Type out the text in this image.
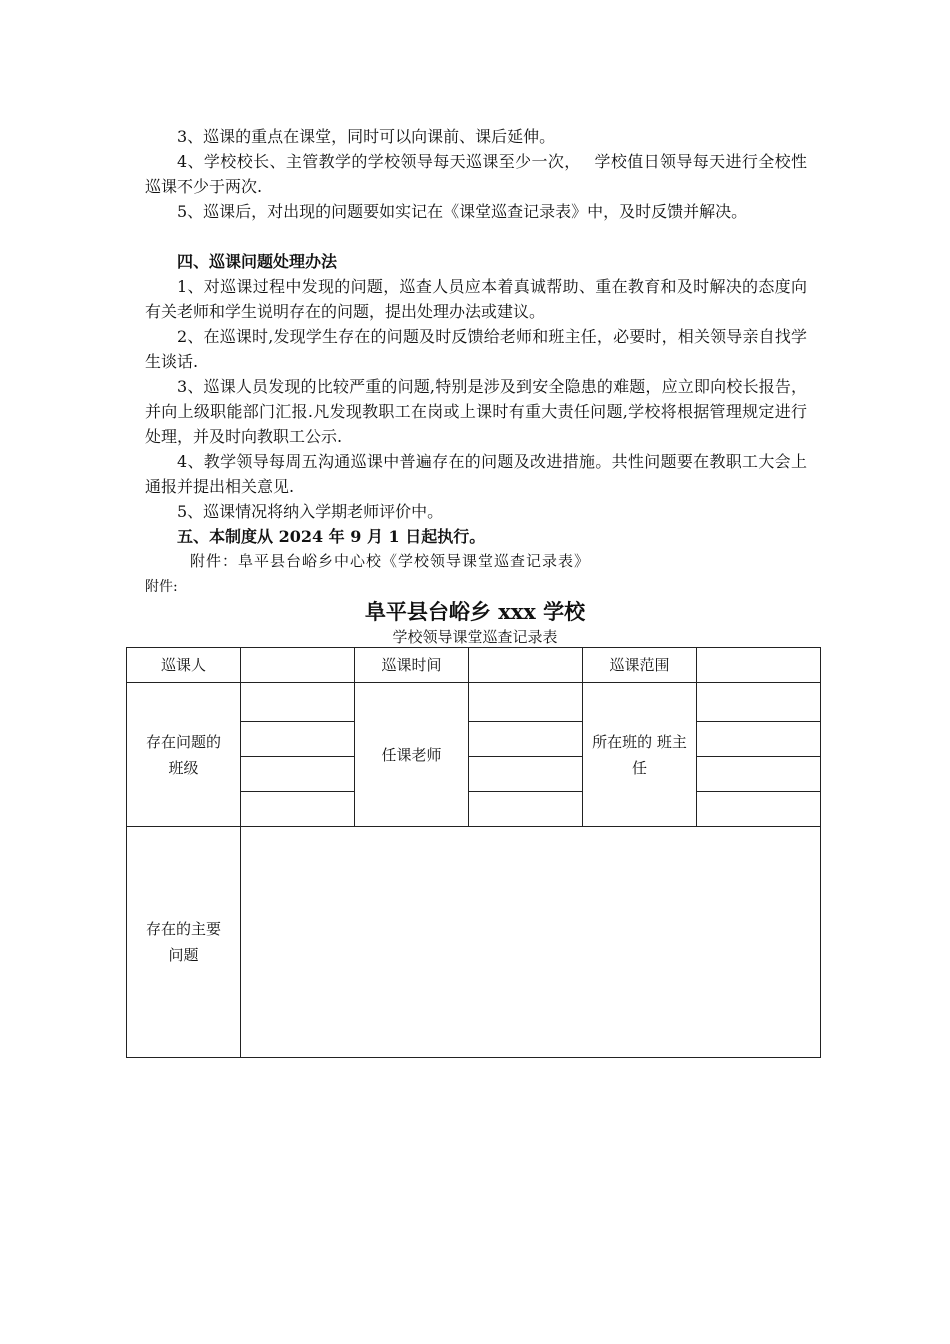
3、巡课的重点在课堂，同时可以向课前、课后延伸。

4、学校校长、主管教学的学校领导每天巡课至少一次，　 学校值日领导每天进行全校性巡课不少于两次.

5、巡课后，对出现的问题要如实记在《课堂巡查记录表》中，及时反馈并解决。

四、巡课问题处理办法

1、对巡课过程中发现的问题，巡查人员应本着真诚帮助、重在教育和及时解决的态度向有关老师和学生说明存在的问题，提出处理办法或建议。

2、在巡课时,发现学生存在的问题及时反馈给老师和班主任，必要时，相关领导亲自找学生谈话.

3、巡课人员发现的比较严重的问题,特别是涉及到安全隐患的难题，应立即向校长报告，并向上级职能部门汇报.凡发现教职工在岗或上课时有重大责任问题,学校将根据管理规定进行处理，并及时向教职工公示.

4、教学领导每周五沟通巡课中普遍存在的问题及改进措施。共性问题要在教职工大会上通报并提出相关意见.

5、巡课情况将纳入学期老师评价中。

五、本制度从 2024 年 9 月 1 日起执行。

附件：阜平县台峪乡中心校《学校领导课堂巡查记录表》
附件:
阜平县台峪乡 xxx 学校
学校领导课堂巡查记录表
巡课人		巡课时间		巡课范围	

存在问题的班级		任课老师		所在班的 班主任	

存在的主要问题					
